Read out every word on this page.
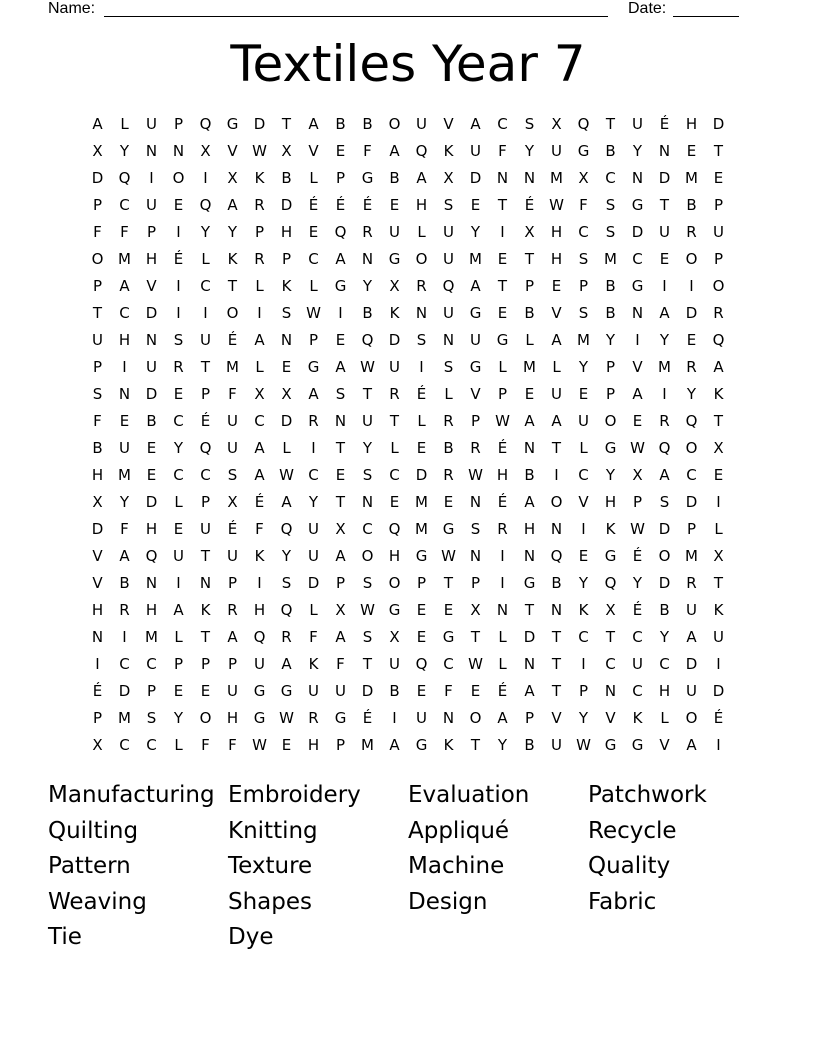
Name:	Date:
Textiles Year 7
A	L	U	P	Q	G	D	T	A	B	B	O	U	V	A	C	S	X	Q	T	U	É	H	D
X	Y	N	N	X	V W X	V	E	F	A	Q	K	U	F	Y	U	G	B	Y	N	E	T
D	Q	I	O	I	X	K	B	L	P	G	B	A	X	D	N	N M	X	C	N	D M	E
P	C	U	E	Q	A	R	D	É	É	É	E	H	S	E	T	É W	F	S	G	T	B	P
F	F	P	I	Y	Y	P	H	E	Q	R	U	L	U	Y	I	X	H	C	S	D	U	R	U
O M H	É	L	K	R	P	C	A	N	G	O	U	M	E	T	H	S	M	C	E	O	P
P	A	V	I	C	T	L	K	L	G	Y	X	R	Q	A	T	P	E	P	B	G	I	I	O
T	C	D	I	I	O	I	S W	I	B	K	N	U	G	E	B	V	S	B	N	A	D	R
U	H	N	S	U	É	A	N	P	E	Q	D	S	N	U	G	L	A	M	Y	I	Y	E	Q
P	I	U	R	T	M	L	E	G	A W U	I	S	G	L	M	L	Y	P	V	M	R	A
S	N	D	E	P	F	X	X	A	S	T	R	É	L	V	P	E	U	E	P	A	I	Y	K
F	E	B	C	É	U	C	D	R	N	U	T	L	R	P	W A	A	U	O	E	R	Q	T
B	U	E	Y	Q	U	A	L	I	T	Y	L	E	B	R	É	N	T	L	G W Q	O	X
H M	E	C	C	S	A W C	E	S	C	D	R W H	B	I	C	Y	X	A	C	E
X	Y	D	L	P	X	É	A	Y	T	N	E	M	E	N	É	A	O	V	H	P	S	D	I
D	F	H	E	U	É	F	Q	U	X	C	Q M G	S	R	H	N	I	K W D	P	L
V	A	Q	U	T	U	K	Y	U	A	O	H	G W N	I	N	Q	E	G	É	O M	X
V	B	N	I	N	P	I	S	D	P	S	O	P	T	P	I	G	B	Y	Q	Y	D	R	T
H	R	H	A	K	R	H	Q	L	X W G	E	E	X	N	T	N	K	X	É	B	U	K
N	I	M	L	T	A	Q	R	F	A	S	X	E	G	T	L	D	T	C	T	C	Y	A	U
I	C	C	P	P	P	U	A	K	F	T	U	Q	C W	L	N	T	I	C	U	C	D	I
É	D	P	E	E	U	G	G	U	U	D	B	E	F	E	É	A	T	P	N	C	H	U	D
P	M	S	Y	O	H	G W R	G	É	I	U	N	O	A	P	V	Y	V	K	L	O	É
X	C	C	L	F	F	W E	H	P	M	A	G	K	T	Y	B	U W G	G	V	A	I
Manufacturing Embroidery	Evaluation	Patchwork
Quilting	Knitting	Appliqué	Recycle
Pattern	Texture	Machine	Quality
Weaving	Shapes	Design	Fabric
Tie	Dye
